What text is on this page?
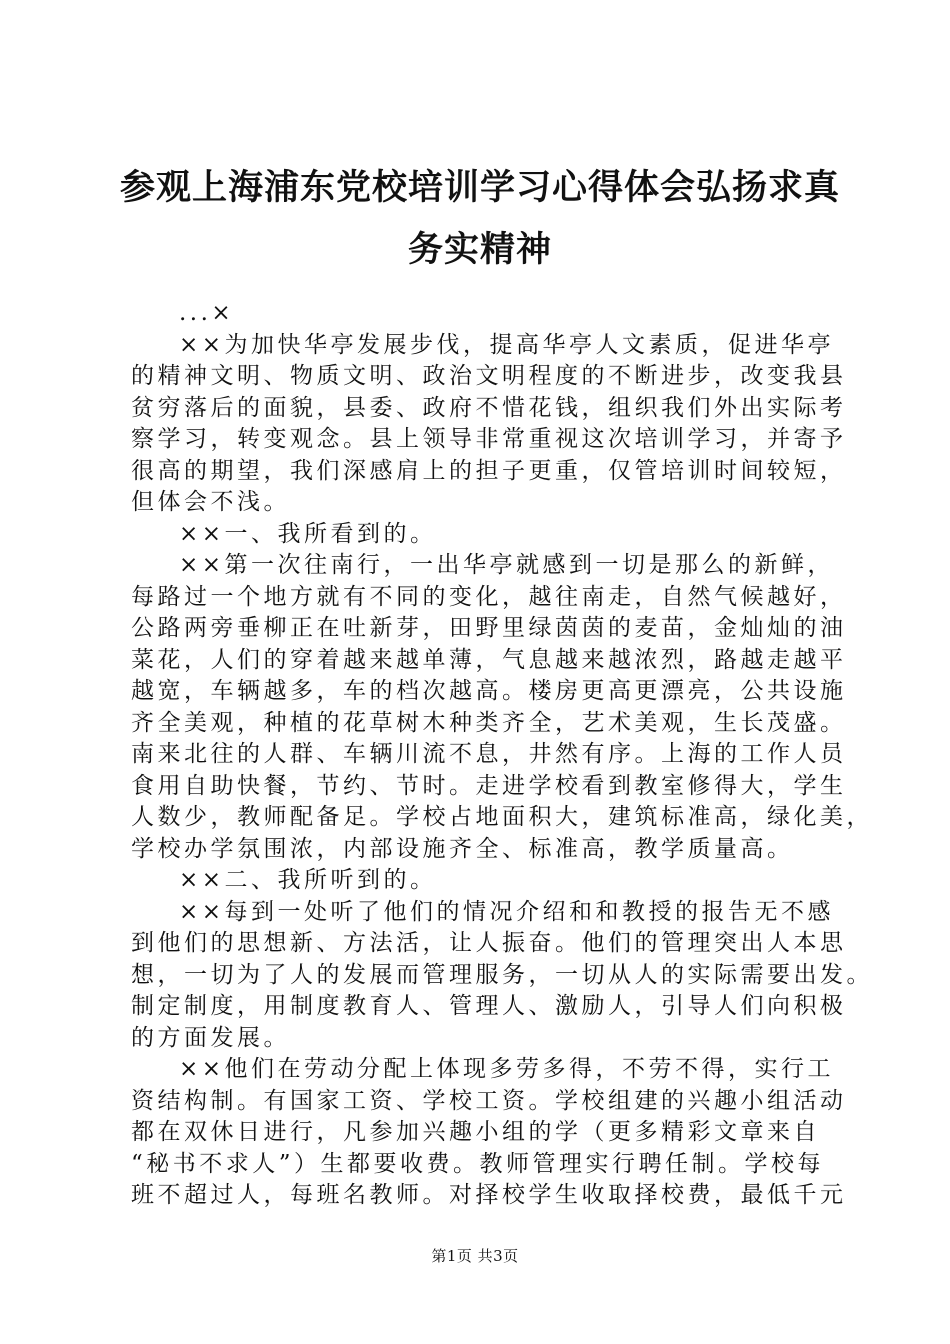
参观上海浦东党校培训学习心得体会弘扬求真
务实精神

...×

××为加快华亭发展步伐，提高华亭人文素质，促进华亭

的精神文明、物质文明、政治文明程度的不断进步，改变我县

贫穷落后的面貌，县委、政府不惜花钱，组织我们外出实际考

察学习，转变观念。县上领导非常重视这次培训学习，并寄予

很高的期望，我们深感肩上的担子更重，仅管培训时间较短，

但体会不浅。

××一、我所看到的。

××第一次往南行，一出华亭就感到一切是那么的新鲜，

每路过一个地方就有不同的变化，越往南走，自然气候越好，

公路两旁垂柳正在吐新芽，田野里绿茵茵的麦苗，金灿灿的油

菜花，人们的穿着越来越单薄，气息越来越浓烈，路越走越平

越宽，车辆越多，车的档次越高。楼房更高更漂亮，公共设施

齐全美观，种植的花草树木种类齐全，艺术美观，生长茂盛。

南来北往的人群、车辆川流不息，井然有序。上海的工作人员

食用自助快餐，节约、节时。走进学校看到教室修得大，学生

人数少，教师配备足。学校占地面积大，建筑标准高，绿化美，

学校办学氛围浓，内部设施齐全、标准高，教学质量高。

××二、我所听到的。

××每到一处听了他们的情况介绍和和教授的报告无不感

到他们的思想新、方法活，让人振奋。他们的管理突出人本思

想，一切为了人的发展而管理服务，一切从人的实际需要出发。

制定制度，用制度教育人、管理人、激励人，引导人们向积极

的方面发展。

××他们在劳动分配上体现多劳多得，不劳不得，实行工

资结构制。有国家工资、学校工资。学校组建的兴趣小组活动

都在双休日进行，凡参加兴趣小组的学（更多精彩文章来自

“秘书不求人”）生都要收费。教师管理实行聘任制。学校每

班不超过人，每班名教师。对择校学生收取择校费，最低千元

第1页 共3页
